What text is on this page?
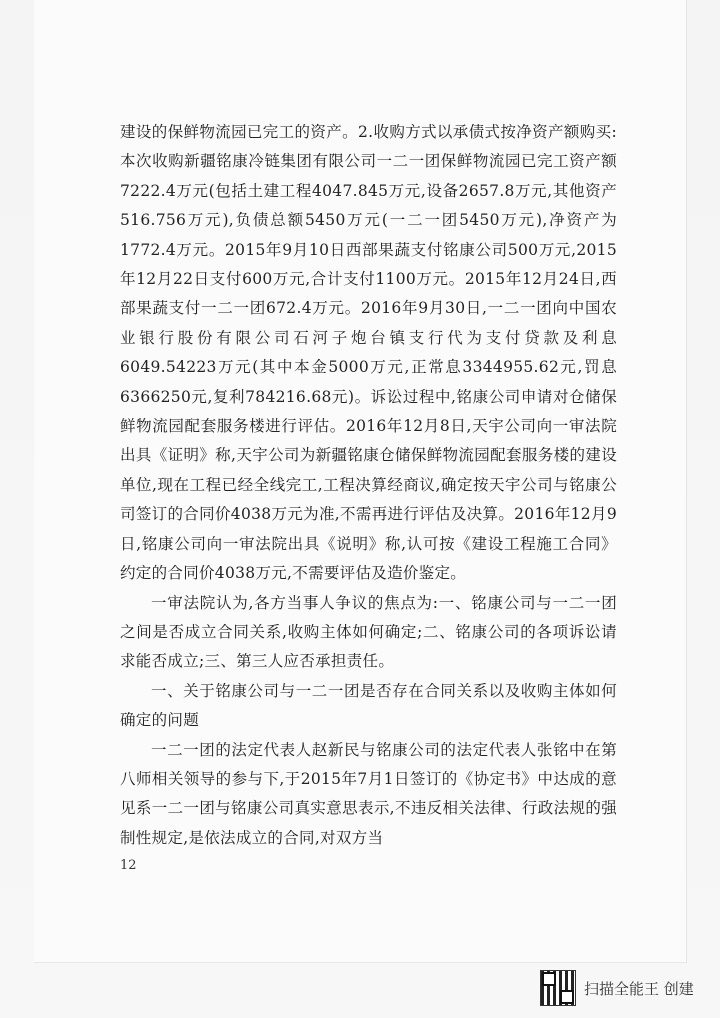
建设的保鲜物流园已完工的资产。2.收购方式以承债式按净资产额购买:本次收购新疆铭康冷链集团有限公司一二一团保鲜物流园已完工资产额7222.4万元(包括土建工程4047.845万元,设备2657.8万元,其他资产516.756万元),负债总额5450万元(一二一团5450万元),净资产为1772.4万元。2015年9月10日西部果蔬支付铭康公司500万元,2015年12月22日支付600万元,合计支付1100万元。2015年12月24日,西部果蔬支付一二一团672.4万元。2016年9月30日,一二一团向中国农业银行股份有限公司石河子炮台镇支行代为支付贷款及利息6049.54223万元(其中本金5000万元,正常息3344955.62元,罚息6366250元,复利784216.68元)。诉讼过程中,铭康公司申请对仓储保鲜物流园配套服务楼进行评估。2016年12月8日,天宇公司向一审法院出具《证明》称,天宇公司为新疆铭康仓储保鲜物流园配套服务楼的建设单位,现在工程已经全线完工,工程决算经商议,确定按天宇公司与铭康公司签订的合同价4038万元为准,不需再进行评估及决算。2016年12月9日,铭康公司向一审法院出具《说明》称,认可按《建设工程施工合同》约定的合同价4038万元,不需要评估及造价鉴定。

一审法院认为,各方当事人争议的焦点为:一、铭康公司与一二一团之间是否成立合同关系,收购主体如何确定;二、铭康公司的各项诉讼请求能否成立;三、第三人应否承担责任。

一、关于铭康公司与一二一团是否存在合同关系以及收购主体如何确定的问题

一二一团的法定代表人赵新民与铭康公司的法定代表人张铭中在第八师相关领导的参与下,于2015年7月1日签订的《协定书》中达成的意见系一二一团与铭康公司真实意思表示,不违反相关法律、行政法规的强制性规定,是依法成立的合同,对双方当

12
扫描全能王 创建
